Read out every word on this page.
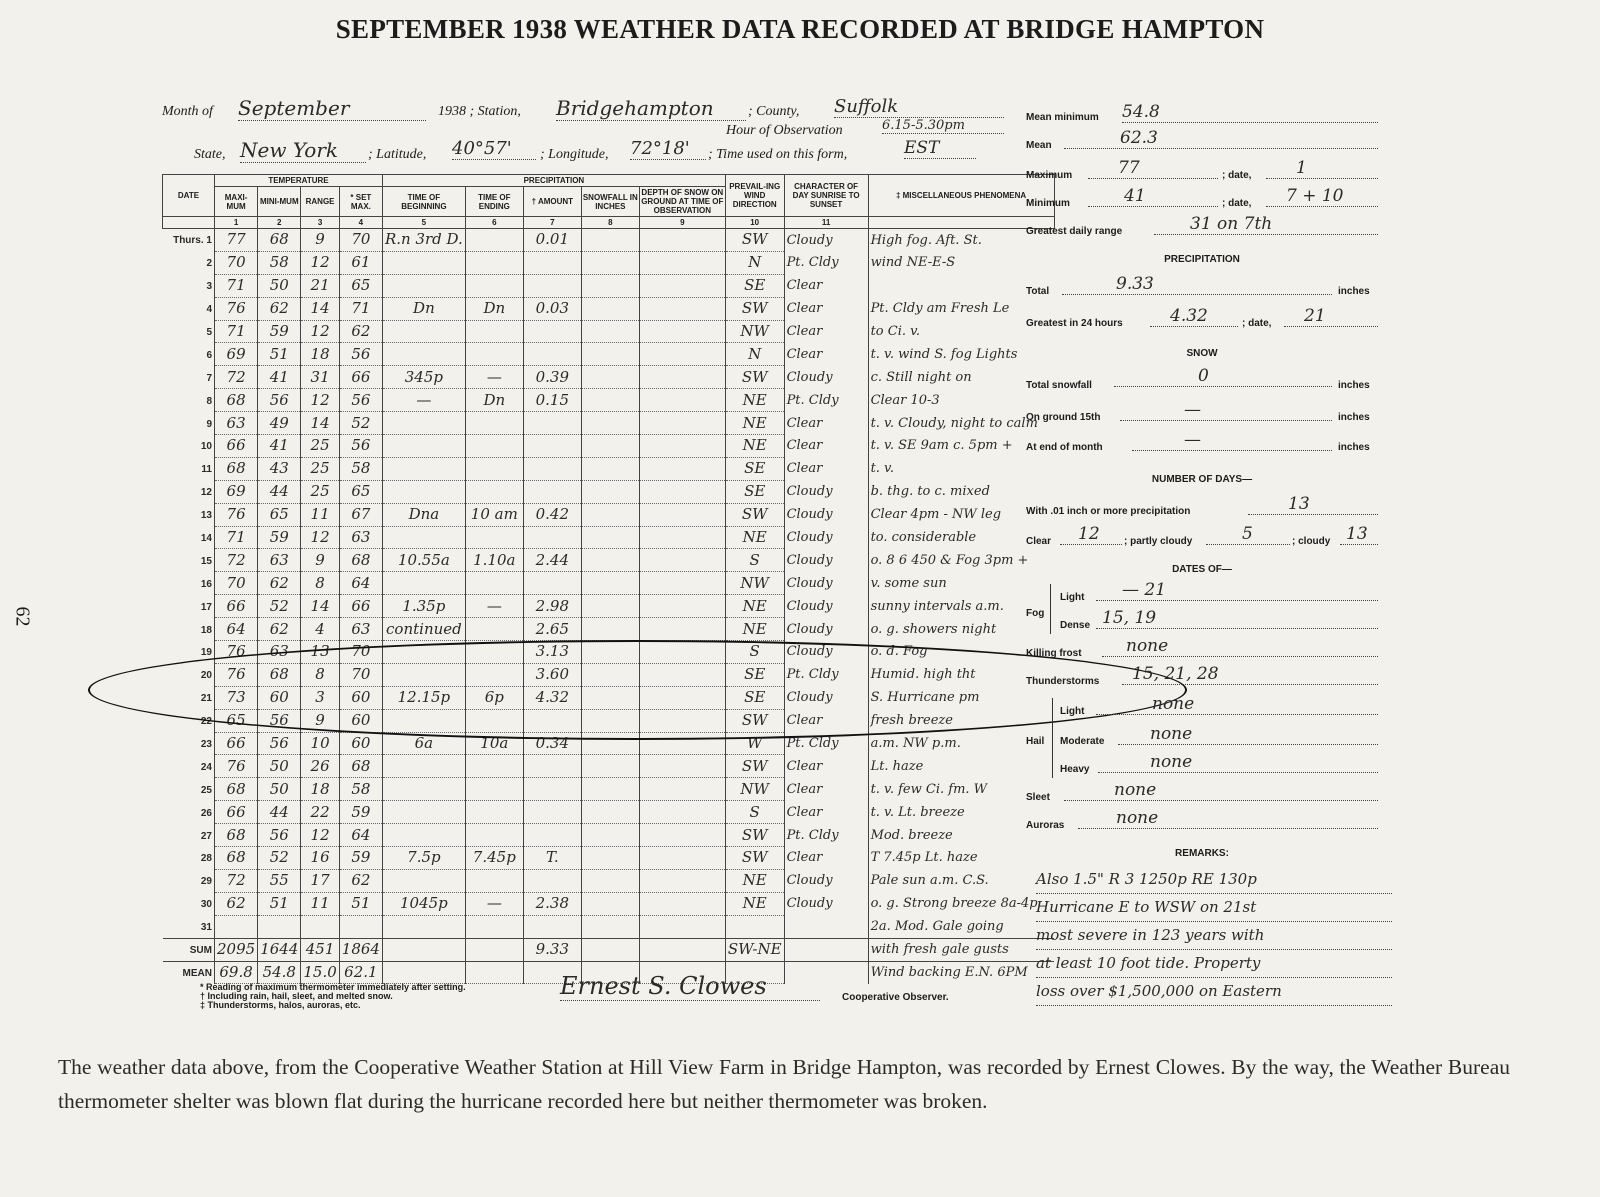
SEPTEMBER 1938 WEATHER DATA RECORDED AT BRIDGE HAMPTON
62
Month of September	1938 ; Station, Bridgehampton	; County, Suffolk
Hour of Observation	6.15-5.30pm
State, New York	; Latitude, 40°57'	; Longitude, 72°18'	; Time used on this form,	EST
DATE	TEMPERATURE				PRECIPITATION					PREVAIL-ING WIND DIRECTION	CHARACTER OF DAY SUNRISE TO SUNSET	‡ MISCELLANEOUS PHENOMENA
	MAXI-MUM	MINI-MUM	RANGE	* SET MAX.	TIME OF BEGINNING	TIME OF ENDING	† AMOUNT	SNOWFALL IN INCHES	DEPTH OF SNOW ON GROUND AT TIME OF OBSERVATION			
	1	2	3	4	5	6	7	8	9	10	11	
Thurs. 1	77	68	9	70	R.n 3rd D.		0.01			SW	Cloudy	High fog. Aft. St.
2	70	58	12	61						N	Pt. Cldy	wind NE-E-S
3	71	50	21	65						SE	Clear	
4	76	62	14	71	Dn	Dn	0.03			SW	Clear	Pt. Cldy am Fresh Le
5	71	59	12	62						NW	Clear	to Ci. v.
6	69	51	18	56						N	Clear	t. v. wind S. fog Lights
7	72	41	31	66	345p	—	0.39			SW	Cloudy	c. Still night on
8	68	56	12	56	—	Dn	0.15			NE	Pt. Cldy	Clear 10-3
9	63	49	14	52						NE	Clear	t. v. Cloudy, night to calm
10	66	41	25	56						NE	Clear	t. v. SE 9am c. 5pm +
11	68	43	25	58						SE	Clear	t. v.
12	69	44	25	65						SE	Cloudy	b. thg. to c. mixed
13	76	65	11	67	Dna	10 am	0.42			SW	Cloudy	Clear 4pm - NW leg
14	71	59	12	63						NE	Cloudy	to. considerable
15	72	63	9	68	10.55a	1.10a	2.44			S	Cloudy	o. 8 6 450 & Fog 3pm +
16	70	62	8	64						NW	Cloudy	v. some sun
17	66	52	14	66	1.35p	—	2.98			NE	Cloudy	sunny intervals a.m.
18	64	62	4	63	continued		2.65			NE	Cloudy	o. g. showers night
19	76	63	13	70			3.13			S	Cloudy	o. d. Fog
20	76	68	8	70			3.60			SE	Pt. Cldy	Humid. high tht
21	73	60	3	60	12.15p	6p	4.32			SE	Cloudy	S. Hurricane pm
22	65	56	9	60						SW	Clear	fresh breeze
23	66	56	10	60	6a	10a	0.34			W	Pt. Cldy	a.m. NW p.m.
24	76	50	26	68						SW	Clear	Lt. haze
25	68	50	18	58						NW	Clear	t. v. few Ci. fm. W
26	66	44	22	59						S	Clear	t. v. Lt. breeze
27	68	56	12	64						SW	Pt. Cldy	Mod. breeze
28	68	52	16	59	7.5p	7.45p	T.			SW	Clear	T 7.45p Lt. haze
29	72	55	17	62						NE	Cloudy	Pale sun a.m. C.S.
30	62	51	11	51	1045p	—	2.38			NE	Cloudy	o. g. Strong breeze 8a-4p
31												2a. Mod. Gale going
SUM	2095	1644	451	1864			9.33			SW-NE		with fresh gale gusts
MEAN	69.8	54.8	15.0	62.1								Wind backing E.N. 6PM
* Reading of maximum thermometer immediately after setting.
† Including rain, hail, sleet, and melted snow.
‡ Thunderstorms, halos, auroras, etc.
Ernest S. Clowes	Cooperative Observer.
Mean minimum 54.8
Mean	62.3
Maximum	77	; date,	1
Minimum	41	; date,	7 + 10
Greatest daily range	31 on 7th
PRECIPITATION
Total	9.33	inches
Greatest in 24 hours	4.32	; date,	21
SNOW
Total snowfall	0	inches
On ground 15th	—	inches
At end of month	—	inches
NUMBER OF DAYS—
With .01 inch or more precipitation	13
Clear	12	; partly cloudy	5	; cloudy 13
DATES OF—
Fog
Light	— 21
Dense 15, 19
Killing frost	none
Thunderstorms	15, 21, 28
Hail
Light	none
Moderate	none
Heavy	none
Sleet	none
Auroras	none
REMARKS:
Also 1.5" R 3 1250p RE 130p
Hurricane E to WSW on 21st
most severe in 123 years with
at least 10 foot tide. Property
loss over $1,500,000 on Eastern
The weather data above, from the Cooperative Weather Station at Hill View Farm in Bridge Hampton, was recorded by Ernest Clowes. By the way, the Weather Bureau thermometer shelter was blown flat during the hurricane recorded here but neither thermometer was broken.
